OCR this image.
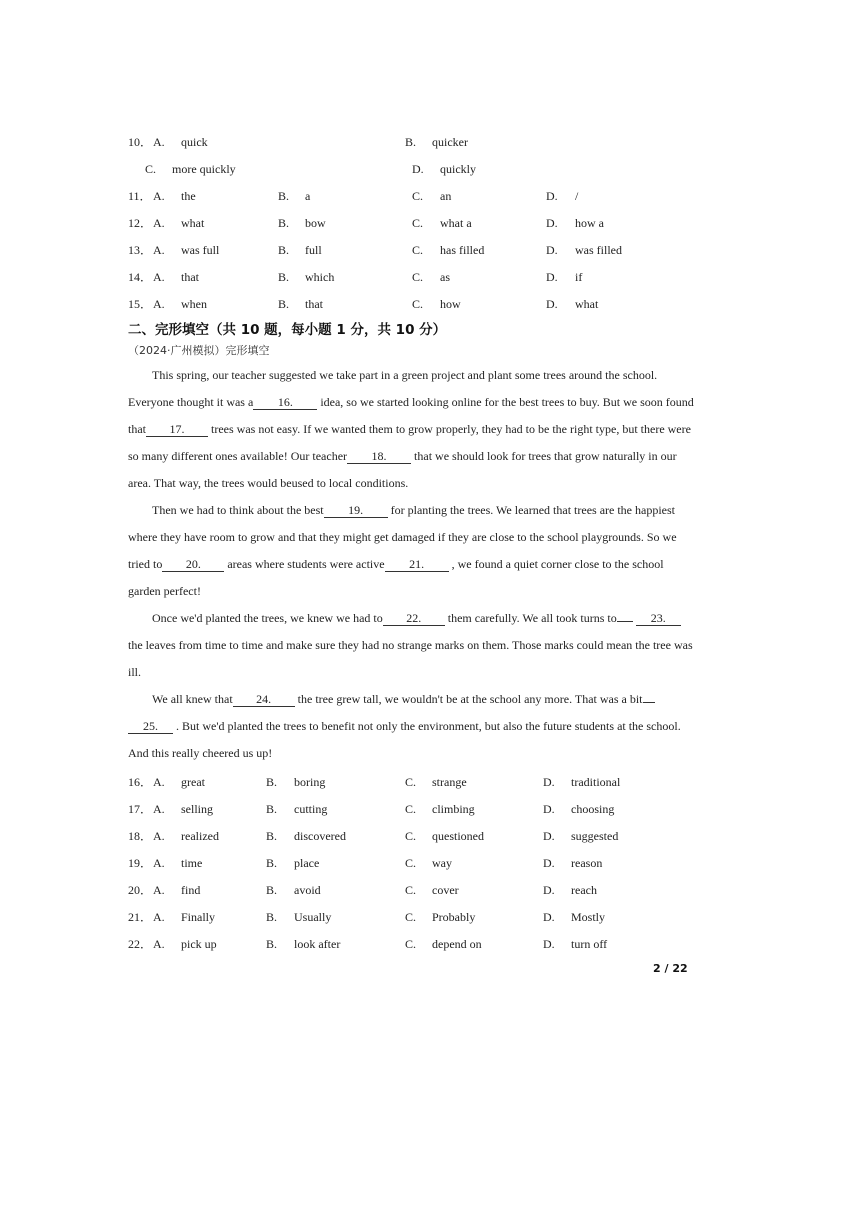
10． A. quick	B. quicker
C. more quickly	D. quickly
11． A. the	B. a	C. an	D. /
12． A. what	B. bow	C. what a	D. how a
13． A. was full	B. full	C. has filled	D. was filled
14． A. that	B. which	C. as	D. if
15． A. when	B. that	C. how	D. what
二、完形填空（共 10 题，每小题 1 分，共 10 分）
（2024·广州模拟）完形填空

This spring, our teacher suggested we take part in a green project and plant some trees around the school. Everyone thought it was a 16. idea, so we started looking online for the best trees to buy. But we soon found that 17. trees was not easy. If we wanted them to grow properly, they had to be the right type, but there were so many different ones available! Our teacher 18. that we should look for trees that grow naturally in our area. That way, the trees would beused to local conditions.

Then we had to think about the best 19. for planting the trees. We learned that trees are the happiest where they have room to grow and that they might get damaged if they are close to the school playgrounds. So we tried to 20. areas where students were active 21. , we found a quiet corner close to the school garden perfect!

Once we'd planted the trees, we knew we had to 22. them carefully. We all took turns to	23. the leaves from time to time and make sure they had no strange marks on them. Those marks could mean the tree was ill.

We all knew that 24. the tree grew tall, we wouldn't be at the school any more. That was a bit 25. . But we'd planted the trees to benefit not only the environment, but also the future students at the school. And this really cheered us up!

16． A. great	B. boring	C. strange	D. traditional
17． A. selling	B. cutting	C. climbing	D. choosing
18． A. realized	B. discovered	C. questioned	D. suggested
19． A. time	B. place	C. way	D. reason
20． A. find	B. avoid	C. cover	D. reach
21． A. Finally	B. Usually	C. Probably	D. Mostly
22． A. pick up	B. look after	C. depend on	D. turn off
2 / 22
